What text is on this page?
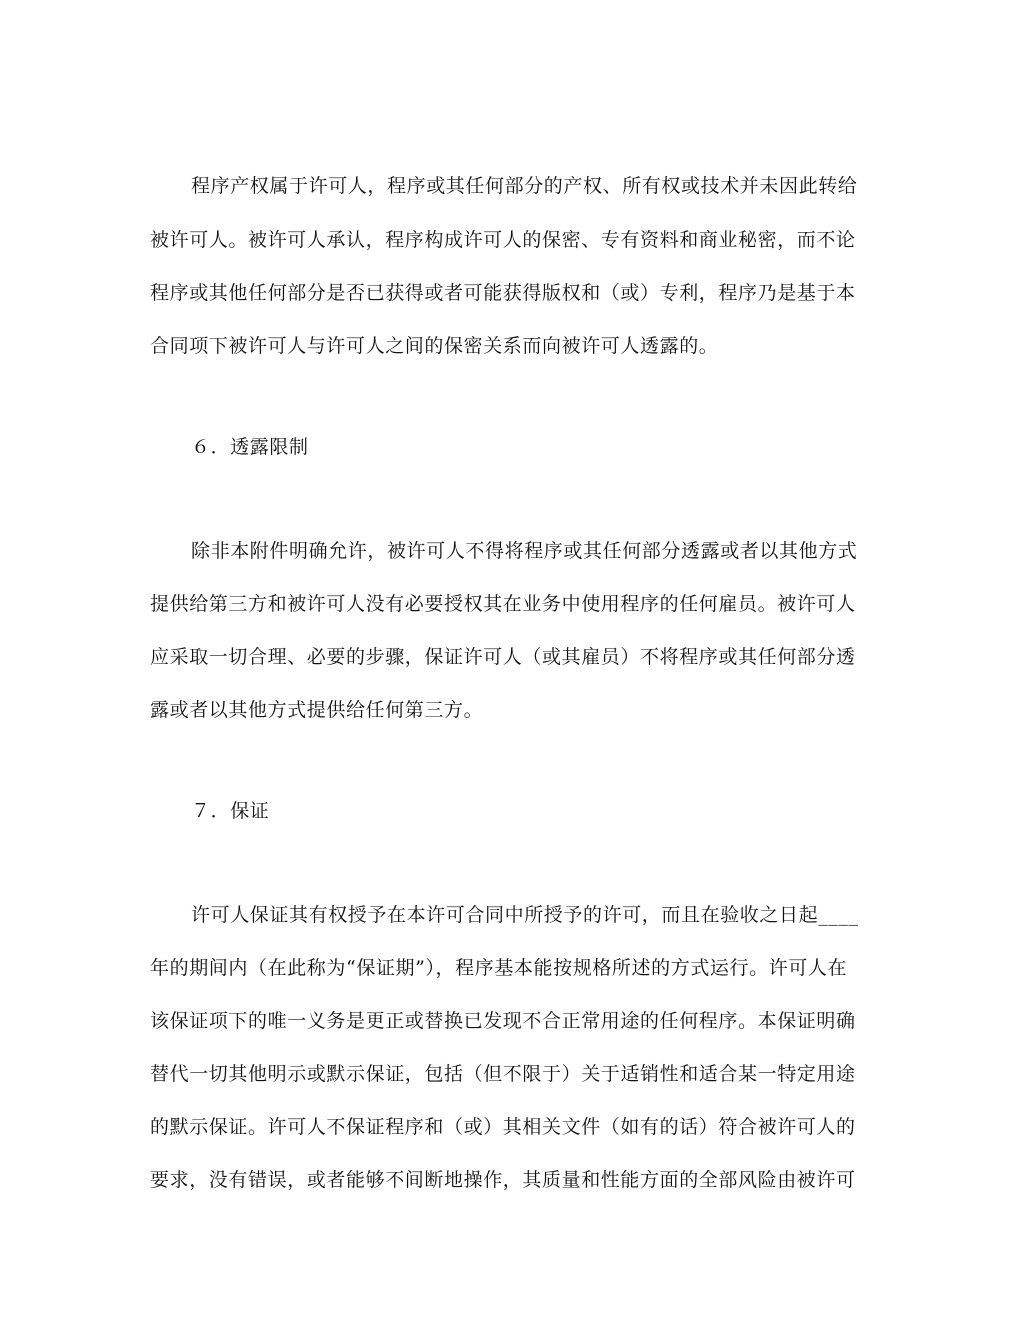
程序产权属于许可人，程序或其任何部分的产权、所有权或技术并未因此转给
被许可人。被许可人承认，程序构成许可人的保密、专有资料和商业秘密，而不论
程序或其他任何部分是否已获得或者可能获得版权和（或）专利，程序乃是基于本
合同项下被许可人与许可人之间的保密关系而向被许可人透露的。
６．透露限制
除非本附件明确允许，被许可人不得将程序或其任何部分透露或者以其他方式
提供给第三方和被许可人没有必要授权其在业务中使用程序的任何雇员。被许可人
应采取一切合理、必要的步骤，保证许可人（或其雇员）不将程序或其任何部分透
露或者以其他方式提供给任何第三方。
７．保证
许可人保证其有权授予在本许可合同中所授予的许可，而且在验收之日起____
年的期间内（在此称为“保证期”），程序基本能按规格所述的方式运行。许可人在
该保证项下的唯一义务是更正或替换已发现不合正常用途的任何程序。本保证明确
替代一切其他明示或默示保证，包括（但不限于）关于适销性和适合某一特定用途
的默示保证。许可人不保证程序和（或）其相关文件（如有的话）符合被许可人的
要求，没有错误，或者能够不间断地操作，其质量和性能方面的全部风险由被许可
